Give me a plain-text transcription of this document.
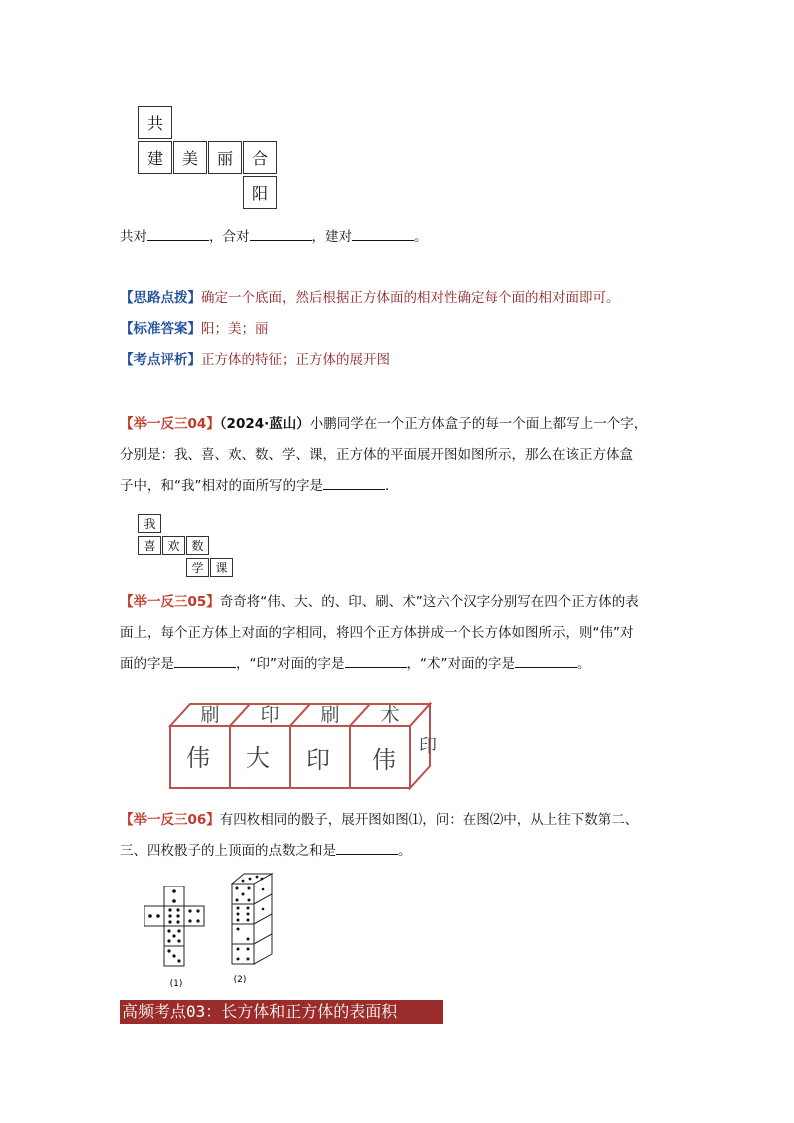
共
建	美	丽	合
阳
共对	，合对	，建对	。
【思路点拨】确定一个底面，然后根据正方体面的相对性确定每个面的相对面即可。
【标准答案】阳；美；丽
【考点评析】正方体的特征；正方体的展开图
【举一反三04】（2024·蓝山）小鹏同学在一个正方体盒子的每一个面上都写上一个字，
分别是：我、喜、欢、数、学、课，正方体的平面展开图如图所示，那么在该正方体盒
子中，和“我”相对的面所写的字是	．
我
喜 欢 数
学 课
【举一反三05】奇奇将“伟、大、的、印、刷、术”这六个汉字分别写在四个正方体的表
面上，每个正方体上对面的字相同，将四个正方体拼成一个长方体如图所示，则“伟”对
面的字是	，“印”对面的字是	，“术”对面的字是	。
刷 印 刷 术
伟 大 印 伟 印
【举一反三06】有四枚相同的骰子，展开图如图⑴，问：在图⑵中，从上往下数第二、
三、四枚骰子的上顶面的点数之和是	。
(1)	(2)
高频考点03：长方体和正方体的表面积
